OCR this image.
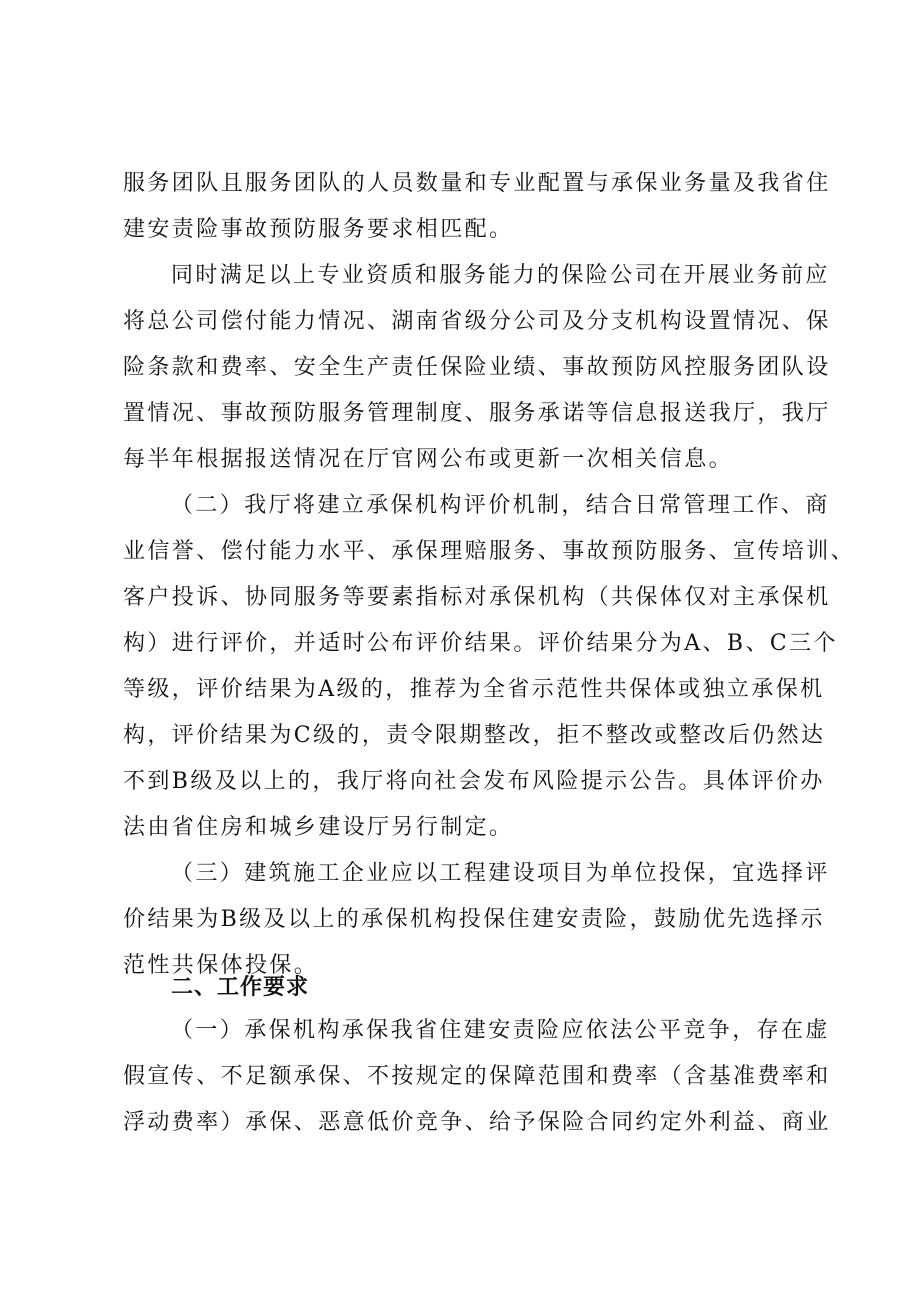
服务团队且服务团队的人员数量和专业配置与承保业务量及我省住
建安责险事故预防服务要求相匹配。
同时满足以上专业资质和服务能力的保险公司在开展业务前应
将总公司偿付能力情况、湖南省级分公司及分支机构设置情况、保
险条款和费率、安全生产责任保险业绩、事故预防风控服务团队设
置情况、事故预防服务管理制度、服务承诺等信息报送我厅，我厅
每半年根据报送情况在厅官网公布或更新一次相关信息。
（二）我厅将建立承保机构评价机制，结合日常管理工作、商
业信誉、偿付能力水平、承保理赔服务、事故预防服务、宣传培训、
客户投诉、协同服务等要素指标对承保机构（共保体仅对主承保机
构）进行评价，并适时公布评价结果。评价结果分为A、B、C三个
等级，评价结果为A级的，推荐为全省示范性共保体或独立承保机
构，评价结果为C级的，责令限期整改，拒不整改或整改后仍然达
不到B级及以上的，我厅将向社会发布风险提示公告。具体评价办
法由省住房和城乡建设厅另行制定。
（三）建筑施工企业应以工程建设项目为单位投保，宜选择评
价结果为B级及以上的承保机构投保住建安责险，鼓励优先选择示
范性共保体投保。
二、工作要求
（一）承保机构承保我省住建安责险应依法公平竞争，存在虚
假宣传、不足额承保、不按规定的保障范围和费率（含基准费率和
浮动费率）承保、恶意低价竞争、给予保险合同约定外利益、商业
